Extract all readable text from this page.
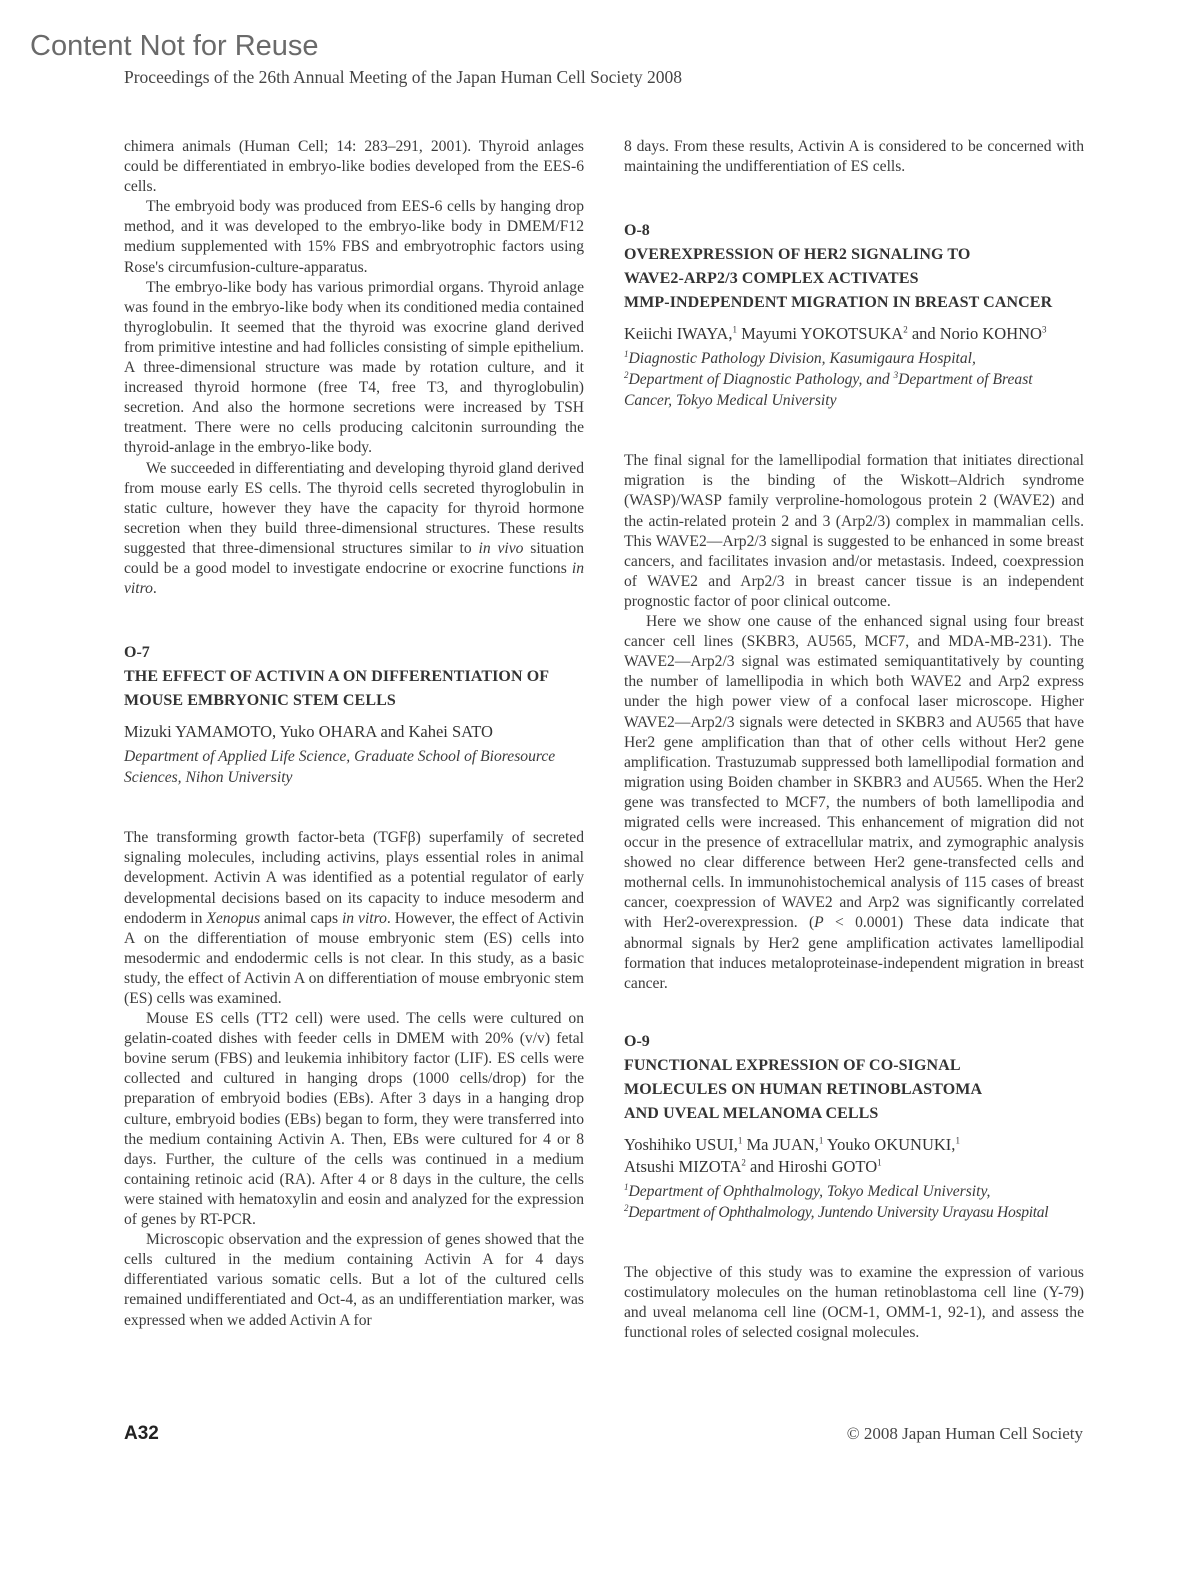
Content Not for Reuse
Proceedings of the 26th Annual Meeting of the Japan Human Cell Society 2008

chimera animals (Human Cell; 14: 283–291, 2001). Thyroid anlages could be differentiated in embryo-like bodies developed from the EES-6 cells.

The embryoid body was produced from EES-6 cells by hanging drop method, and it was developed to the embryo-like body in DMEM/F12 medium supplemented with 15% FBS and embryotrophic factors using Rose's circumfusion-culture-apparatus.

The embryo-like body has various primordial organs. Thyroid anlage was found in the embryo-like body when its conditioned media contained thyroglobulin. It seemed that the thyroid was exocrine gland derived from primitive intestine and had follicles consisting of simple epithelium. A three-dimensional structure was made by rotation culture, and it increased thyroid hormone (free T4, free T3, and thyroglobulin) secretion. And also the hormone secretions were increased by TSH treatment. There were no cells producing calcitonin surrounding the thyroid-anlage in the embryo-like body.

We succeeded in differentiating and developing thyroid gland derived from mouse early ES cells. The thyroid cells secreted thyroglobulin in static culture, however they have the capacity for thyroid hormone secretion when they build three-dimensional structures. These results suggested that three-dimensional structures similar to in vivo situation could be a good model to investigate endocrine or exocrine functions in vitro.

O-7
THE EFFECT OF ACTIVIN A ON DIFFERENTIATION OF MOUSE EMBRYONIC STEM CELLS
Mizuki YAMAMOTO, Yuko OHARA and Kahei SATO
Department of Applied Life Science, Graduate School of Bioresource Sciences, Nihon University

The transforming growth factor-beta (TGFβ) superfamily of secreted signaling molecules, including activins, plays essential roles in animal development. Activin A was identified as a potential regulator of early developmental decisions based on its capacity to induce mesoderm and endoderm in Xenopus animal caps in vitro. However, the effect of Activin A on the differentiation of mouse embryonic stem (ES) cells into mesodermic and endodermic cells is not clear. In this study, as a basic study, the effect of Activin A on differentiation of mouse embryonic stem (ES) cells was examined.

Mouse ES cells (TT2 cell) were used. The cells were cultured on gelatin-coated dishes with feeder cells in DMEM with 20% (v/v) fetal bovine serum (FBS) and leukemia inhibitory factor (LIF). ES cells were collected and cultured in hanging drops (1000 cells/drop) for the preparation of embryoid bodies (EBs). After 3 days in a hanging drop culture, embryoid bodies (EBs) began to form, they were transferred into the medium containing Activin A. Then, EBs were cultured for 4 or 8 days. Further, the culture of the cells was continued in a medium containing retinoic acid (RA). After 4 or 8 days in the culture, the cells were stained with hematoxylin and eosin and analyzed for the expression of genes by RT-PCR.

Microscopic observation and the expression of genes showed that the cells cultured in the medium containing Activin A for 4 days differentiated various somatic cells. But a lot of the cultured cells remained undifferentiated and Oct-4, as an undifferentiation marker, was expressed when we added Activin A for

8 days. From these results, Activin A is considered to be concerned with maintaining the undifferentiation of ES cells.

O-8
OVEREXPRESSION OF HER2 SIGNALING TO
WAVE2-ARP2/3 COMPLEX ACTIVATES
MMP-INDEPENDENT MIGRATION IN BREAST CANCER
Keiichi IWAYA,$^1$ Mayumi YOKOTSUKA$^2$ and Norio KOHNO$^3$
$^1$Diagnostic Pathology Division, Kasumigaura Hospital,
$^2$Department of Diagnostic Pathology, and $^3$Department of Breast Cancer, Tokyo Medical University

The final signal for the lamellipodial formation that initiates directional migration is the binding of the Wiskott–Aldrich syndrome (WASP)/WASP family verproline-homologous protein 2 (WAVE2) and the actin-related protein 2 and 3 (Arp2/3) complex in mammalian cells. This WAVE2—Arp2/3 signal is suggested to be enhanced in some breast cancers, and facilitates invasion and/or metastasis. Indeed, coexpression of WAVE2 and Arp2/3 in breast cancer tissue is an independent prognostic factor of poor clinical outcome.

Here we show one cause of the enhanced signal using four breast cancer cell lines (SKBR3, AU565, MCF7, and MDA-MB-231). The WAVE2—Arp2/3 signal was estimated semiquantitatively by counting the number of lamellipodia in which both WAVE2 and Arp2 express under the high power view of a confocal laser microscope. Higher WAVE2—Arp2/3 signals were detected in SKBR3 and AU565 that have Her2 gene amplification than that of other cells without Her2 gene amplification. Trastuzumab suppressed both lamellipodial formation and migration using Boiden chamber in SKBR3 and AU565. When the Her2 gene was transfected to MCF7, the numbers of both lamellipodia and migrated cells were increased. This enhancement of migration did not occur in the presence of extracellular matrix, and zymographic analysis showed no clear difference between Her2 gene-transfected cells and mothernal cells. In immunohistochemical analysis of 115 cases of breast cancer, coexpression of WAVE2 and Arp2 was significantly correlated with Her2-overexpression. (P < 0.0001) These data indicate that abnormal signals by Her2 gene amplification activates lamellipodial formation that induces metaloproteinase-independent migration in breast cancer.

O-9
FUNCTIONAL EXPRESSION OF CO-SIGNAL
MOLECULES ON HUMAN RETINOBLASTOMA
AND UVEAL MELANOMA CELLS
Yoshihiko USUI,$^1$ Ma JUAN,$^1$ Youko OKUNUKI,$^1$
Atsushi MIZOTA$^2$ and Hiroshi GOTO$^1$
$^1$Department of Ophthalmology, Tokyo Medical University,
$^2$Department of Ophthalmology, Juntendo University Urayasu Hospital

The objective of this study was to examine the expression of various costimulatory molecules on the human retinoblastoma cell line (Y-79) and uveal melanoma cell line (OCM-1, OMM-1, 92-1), and assess the functional roles of selected cosignal molecules.

A32	© 2008 Japan Human Cell Society
